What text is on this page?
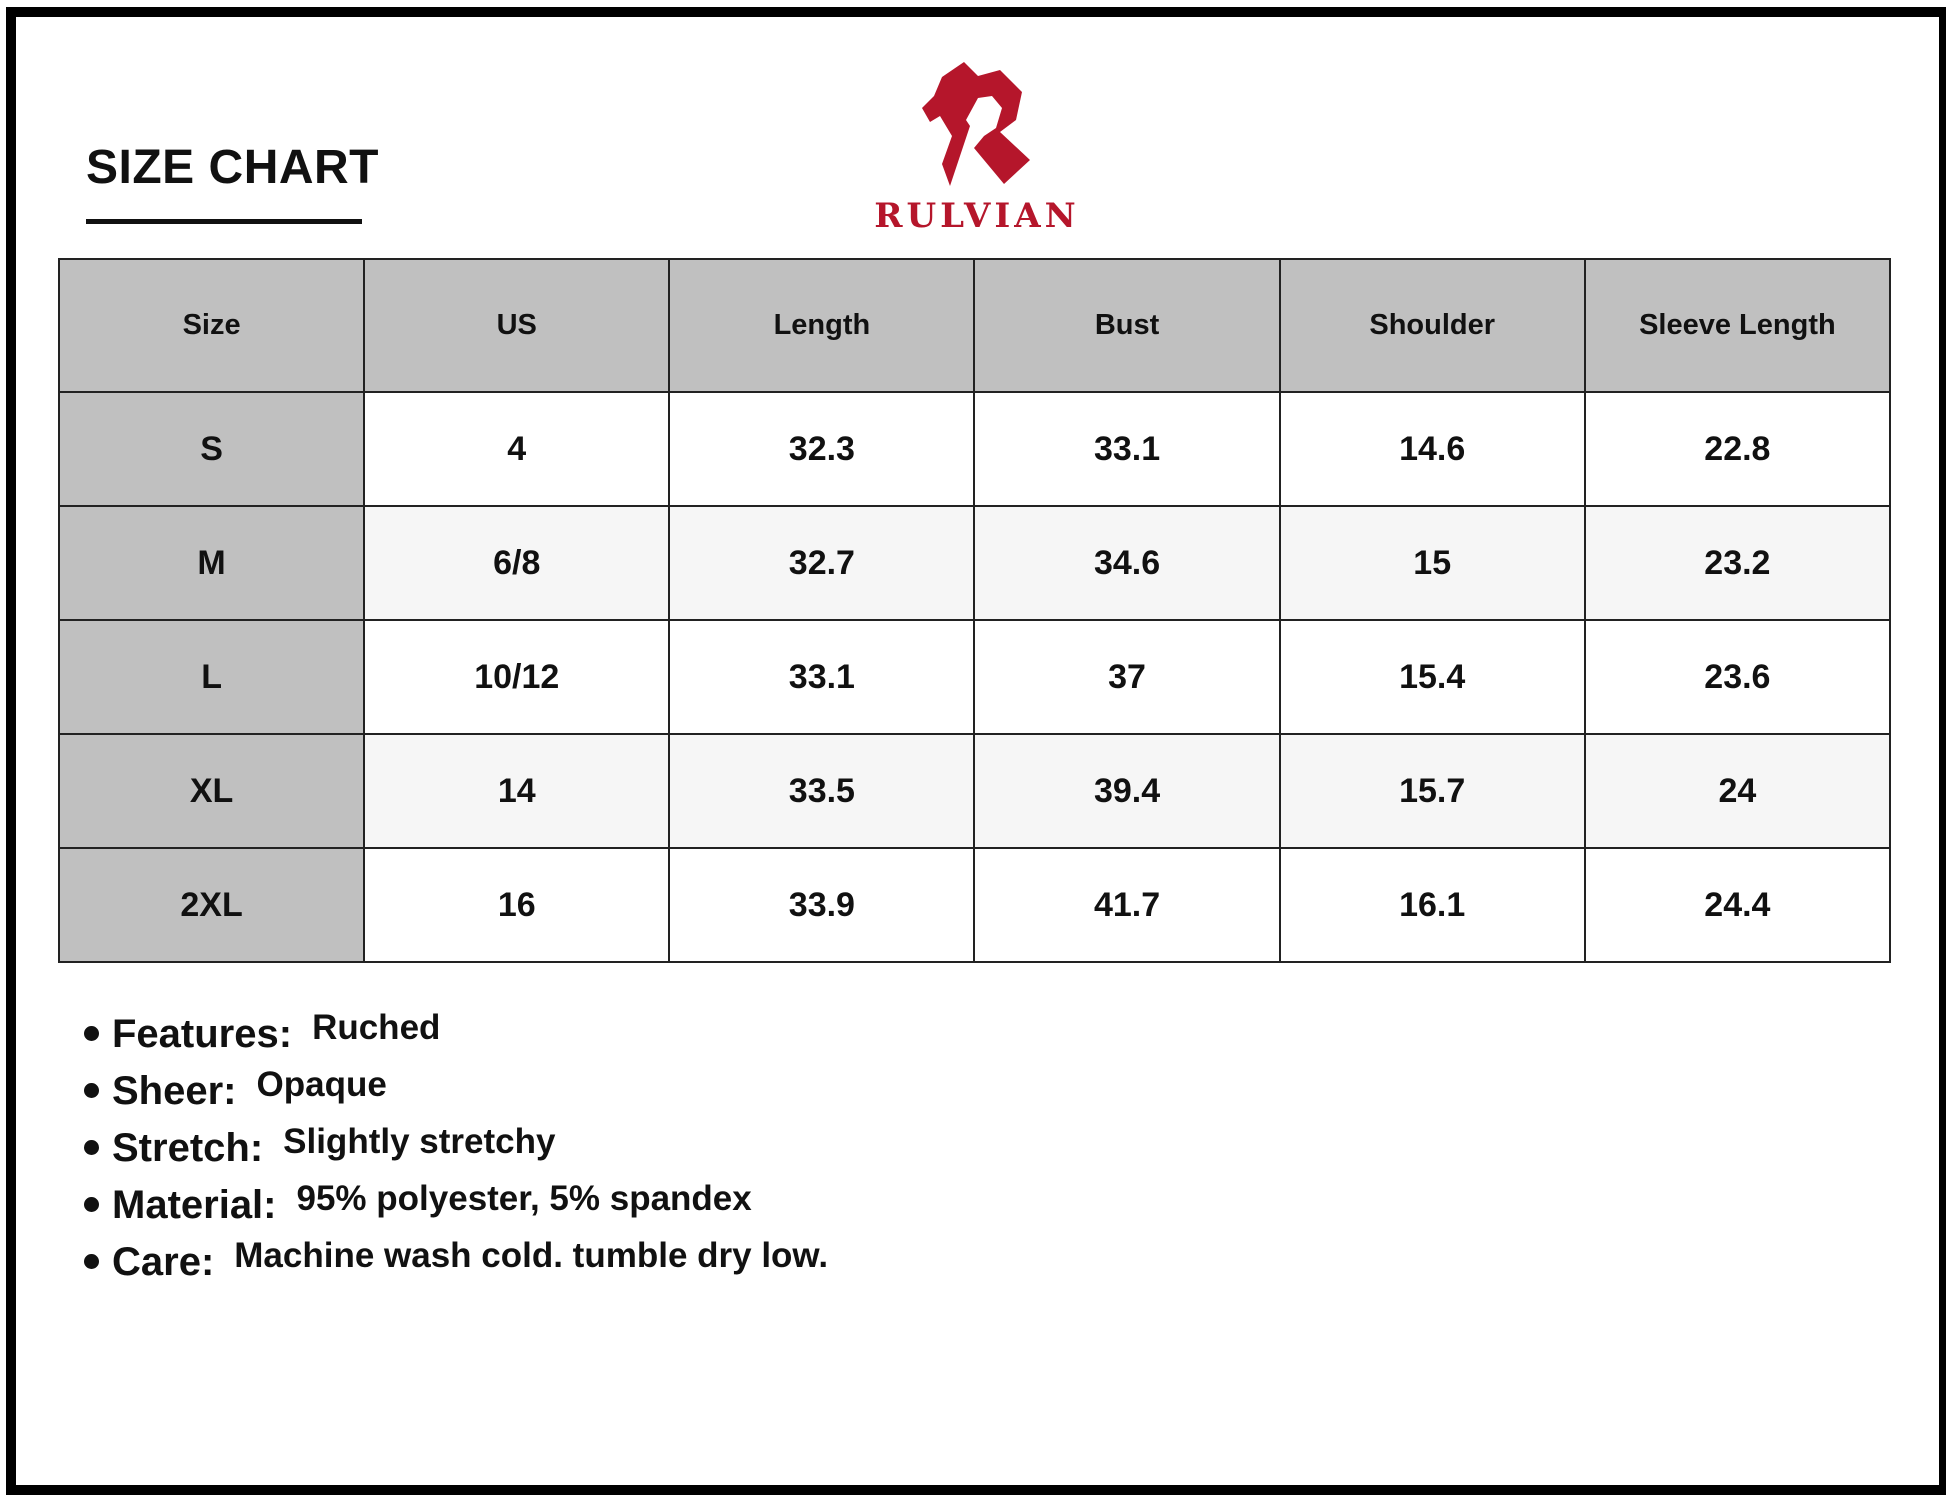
SIZE CHART
RULVIAN
Size	US	Length	Bust	Shoulder	Sleeve Length
S	4	32.3	33.1	14.6	22.8
M	6/8	32.7	34.6	15	23.2
L	10/12	33.1	37	15.4	23.6
XL	14	33.5	39.4	15.7	24
2XL	16	33.9	41.7	16.1	24.4
Features: Ruched
Sheer: Opaque
Stretch: Slightly stretchy
Material: 95% polyester, 5% spandex
Care: Machine wash cold. tumble dry low.
